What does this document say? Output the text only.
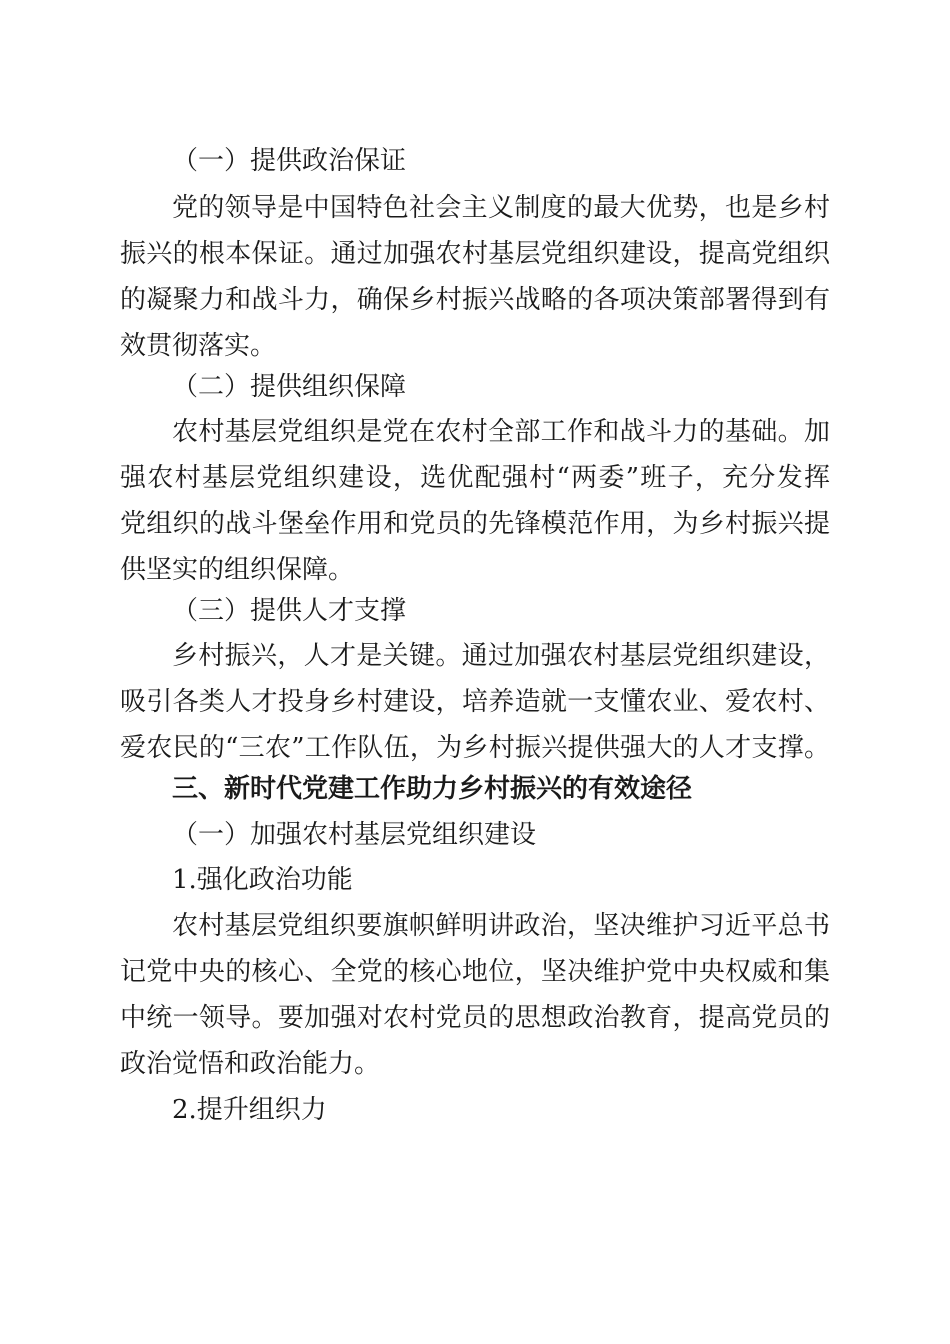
（一）提供政治保证
党的领导是中国特色社会主义制度的最大优势，也是乡村
振兴的根本保证。通过加强农村基层党组织建设，提高党组织
的凝聚力和战斗力，确保乡村振兴战略的各项决策部署得到有
效贯彻落实。
（二）提供组织保障
农村基层党组织是党在农村全部工作和战斗力的基础。加
强农村基层党组织建设，选优配强村“两委”班子，充分发挥
党组织的战斗堡垒作用和党员的先锋模范作用，为乡村振兴提
供坚实的组织保障。
（三）提供人才支撑
乡村振兴，人才是关键。通过加强农村基层党组织建设，
吸引各类人才投身乡村建设，培养造就一支懂农业、爱农村、
爱农民的“三农”工作队伍，为乡村振兴提供强大的人才支撑。
三、新时代党建工作助力乡村振兴的有效途径
（一）加强农村基层党组织建设
1.强化政治功能
农村基层党组织要旗帜鲜明讲政治，坚决维护习近平总书
记党中央的核心、全党的核心地位，坚决维护党中央权威和集
中统一领导。要加强对农村党员的思想政治教育，提高党员的
政治觉悟和政治能力。
2.提升组织力
